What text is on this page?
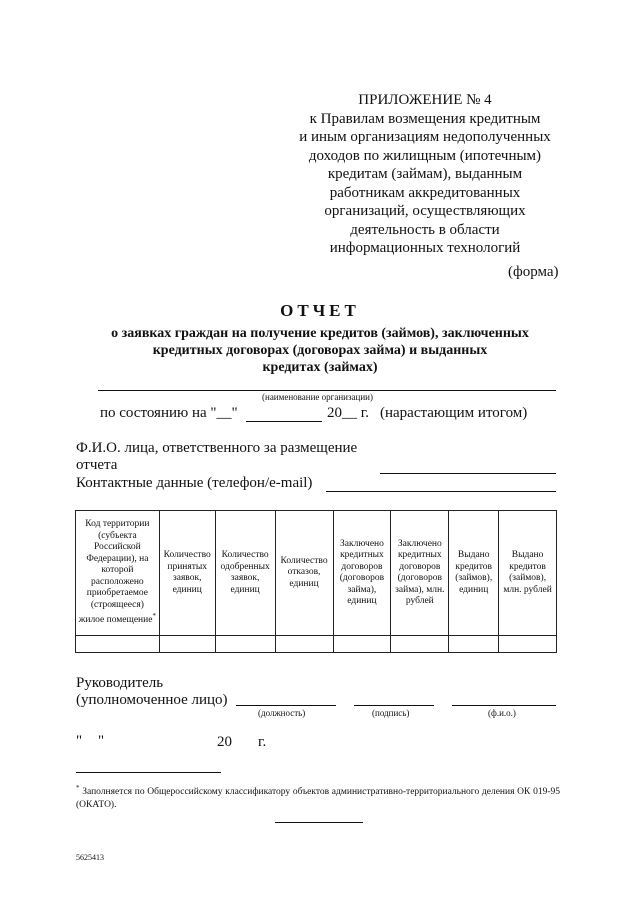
ПРИЛОЖЕНИЕ № 4
к Правилам возмещения кредитным
и иным организациям недополученных
доходов по жилищным (ипотечным)
кредитам (займам), выданным
работникам аккредитованных
организаций, осуществляющих
деятельность в области
информационных технологий
(форма)
ОТЧЕТ
о заявках граждан на получение кредитов (займов), заключенных
кредитных договорах (договорах займа) и выданных
кредитах (займах)
(наименование организации)
по состоянию на "__"	20__ г. (нарастающим итогом)
Ф.И.О. лица, ответственного за размещение
отчета
Контактные данные (телефон/e-mail)
Код территории (субъекта Российской Федерации), на которой расположено приобретаемое (строящееся) жилое помещение*	Количество принятых заявок, единиц	Количество одобренных заявок, единиц	Количество отказов, единиц	Заключено кредитных договоров (договоров займа), единиц	Заключено кредитных договоров (договоров займа), млн. рублей	Выдано кредитов (займов), единиц	Выдано кредитов (займов), млн. рублей

Руководитель
(уполномоченное лицо)
(должность)	(подпись)	(ф.и.о.)
" "	20 г.
* Заполняется по Общероссийскому классификатору объектов административно-территориального деления ОК 019-95 (ОКАТО).
5625413
